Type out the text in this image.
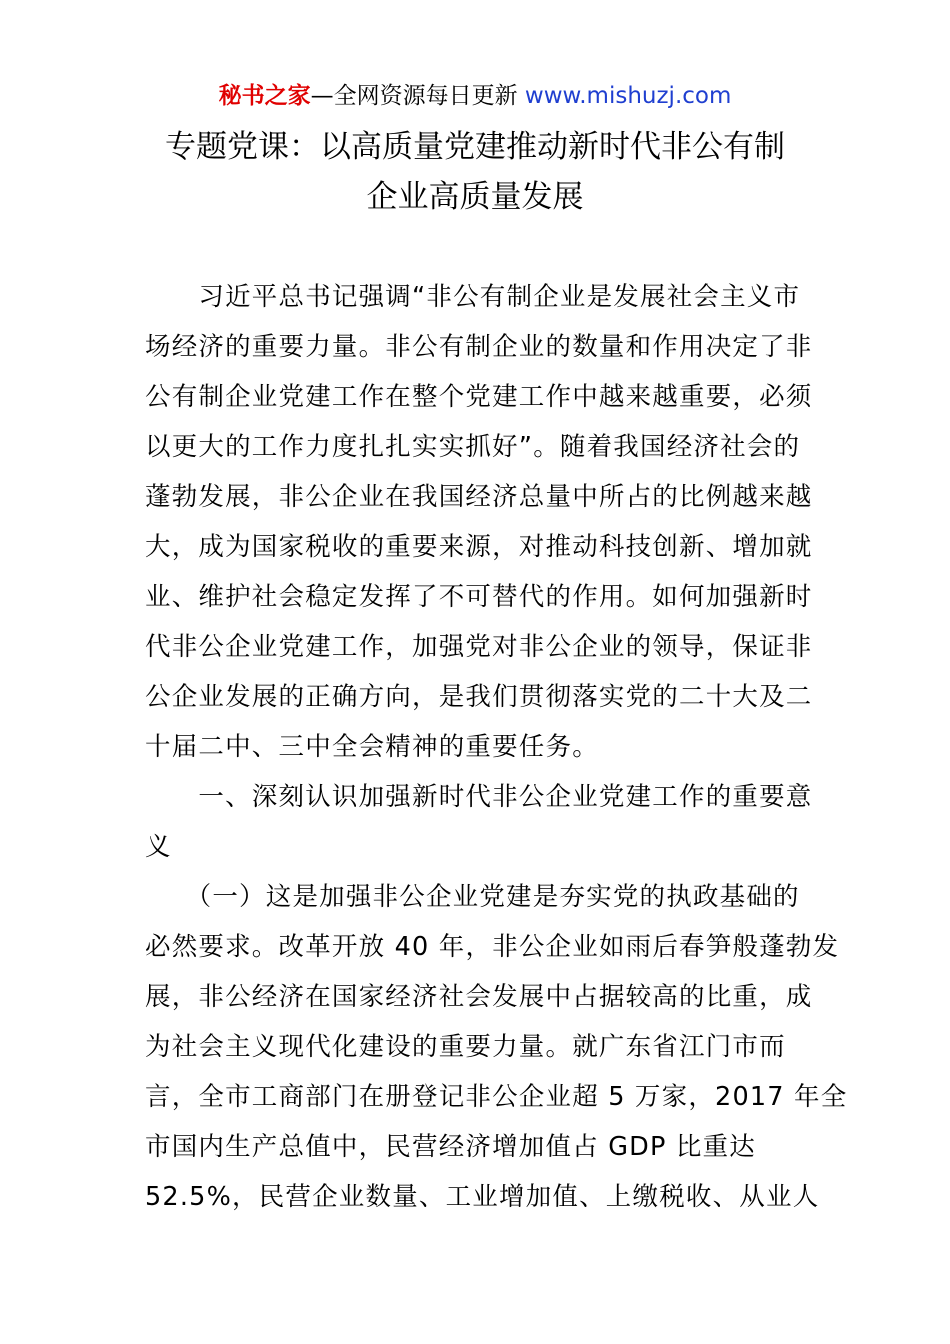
秘书之家—全网资源每日更新 www.mishuzj.com
专题党课：以高质量党建推动新时代非公有制
企业高质量发展
　　习近平总书记强调“非公有制企业是发展社会主义市
场经济的重要力量。非公有制企业的数量和作用决定了非
公有制企业党建工作在整个党建工作中越来越重要，必须
以更大的工作力度扎扎实实抓好”。随着我国经济社会的
蓬勃发展，非公企业在我国经济总量中所占的比例越来越
大，成为国家税收的重要来源，对推动科技创新、增加就
业、维护社会稳定发挥了不可替代的作用。如何加强新时
代非公企业党建工作，加强党对非公企业的领导，保证非
公企业发展的正确方向，是我们贯彻落实党的二十大及二
十届二中、三中全会精神的重要任务。
　　一、深刻认识加强新时代非公企业党建工作的重要意
义
　　（一）这是加强非公企业党建是夯实党的执政基础的
必然要求。改革开放 40 年，非公企业如雨后春笋般蓬勃发
展，非公经济在国家经济社会发展中占据较高的比重，成
为社会主义现代化建设的重要力量。就广东省江门市而
言，全市工商部门在册登记非公企业超 5 万家，2017 年全
市国内生产总值中，民营经济增加值占 GDP 比重达
52.5%，民营企业数量、工业增加值、上缴税收、从业人
